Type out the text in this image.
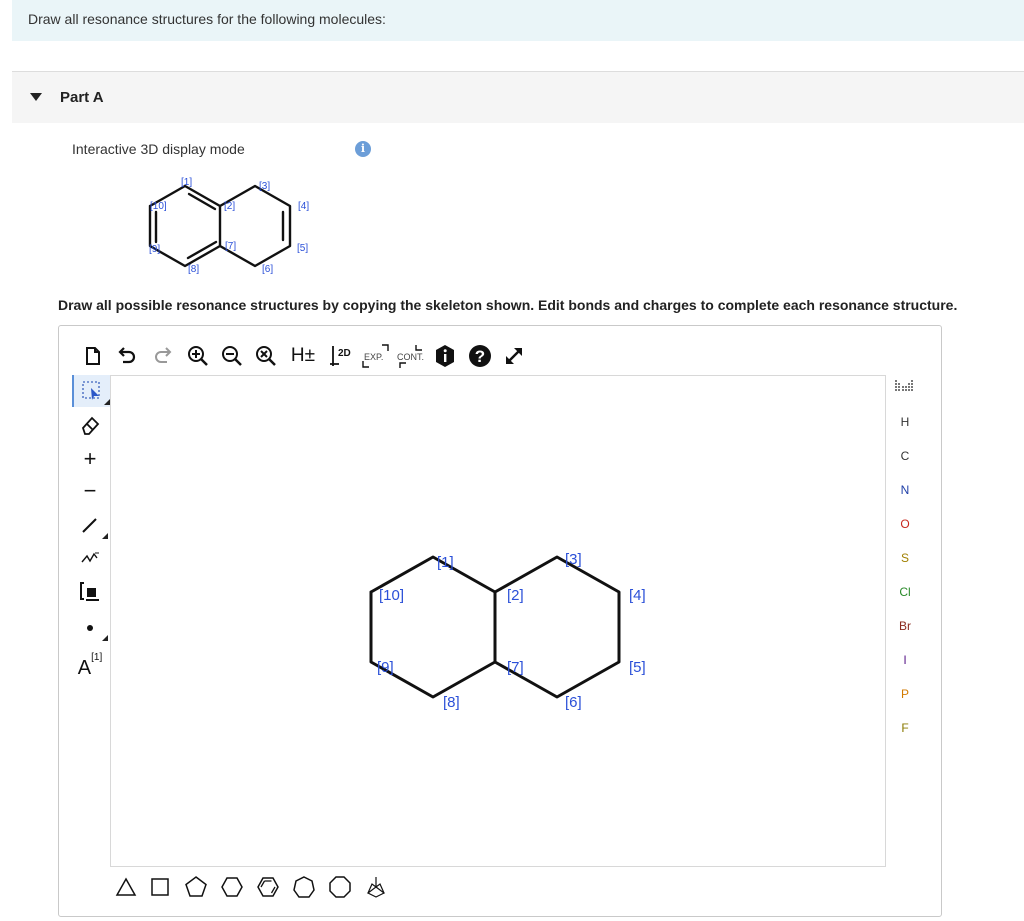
Draw all resonance structures for the following molecules:
Part A
Interactive 3D display mode	i
[1]
[2]
[3]
[4]
[5]
[6]
[7]
[8]
[9]
[10]
Draw all possible resonance structures by copying the skeleton shown. Edit bonds and charges to complete each resonance structure.
H± 2D EXP. CONT.	?
+
−
A [1]
[1]
[2]
[3]
[4]
[5]
[6]
[7]
[8]
[9]
[10]
H
C
N
O
S
Cl
Br
I
P
F
